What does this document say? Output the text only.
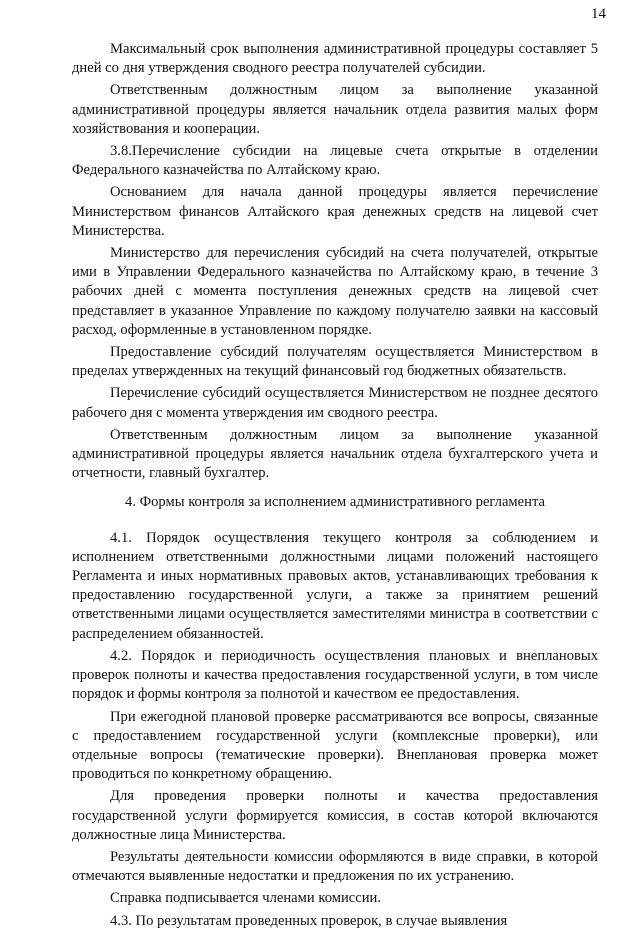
14

Максимальный срок выполнения административной процедуры составляет 5 дней со дня утверждения сводного реестра получателей субсидии.

Ответственным должностным лицом за выполнение указанной административной процедуры является начальник отдела развития малых форм хозяйствования и кооперации.

3.8.Перечисление субсидии на лицевые счета открытые в отделении Федерального казначейства по Алтайскому краю.

Основанием для начала данной процедуры является перечисление Министерством финансов Алтайского края денежных средств на лицевой счет Министерства.

Министерство для перечисления субсидий на счета получателей, открытые ими в Управлении Федерального казначейства по Алтайскому краю, в течение 3 рабочих дней с момента поступления денежных средств на лицевой счет представляет в указанное Управление по каждому получателю заявки на кассовый расход, оформленные в установленном порядке.

Предоставление субсидий получателям осуществляется Министерством в пределах утвержденных на текущий финансовый год бюджетных обязательств.

Перечисление субсидий осуществляется Министерством не позднее десятого рабочего дня с момента утверждения им сводного реестра.

Ответственным должностным лицом за выполнение указанной административной процедуры является начальник отдела бухгалтерского учета и отчетности, главный бухгалтер.

4. Формы контроля за исполнением административного регламента

4.1. Порядок осуществления текущего контроля за соблюдением и исполнением ответственными должностными лицами положений настоящего Регламента и иных нормативных правовых актов, устанавливающих требования к предоставлению государственной услуги, а также за принятием решений ответственными лицами осуществляется заместителями министра в соответствии с распределением обязанностей.

4.2. Порядок и периодичность осуществления плановых и внеплановых проверок полноты и качества предоставления государственной услуги, в том числе порядок и формы контроля за полнотой и качеством ее предоставления.

При ежегодной плановой проверке рассматриваются все вопросы, связанные с предоставлением государственной услуги (комплексные проверки), или отдельные вопросы (тематические проверки). Внеплановая проверка может проводиться по конкретному обращению.

Для проведения проверки полноты и качества предоставления государственной услуги формируется комиссия, в состав которой включаются должностные лица Министерства.

Результаты деятельности комиссии оформляются в виде справки, в которой отмечаются выявленные недостатки и предложения по их устранению.

Справка подписывается членами комиссии.

4.3. По результатам проведенных проверок, в случае выявления
